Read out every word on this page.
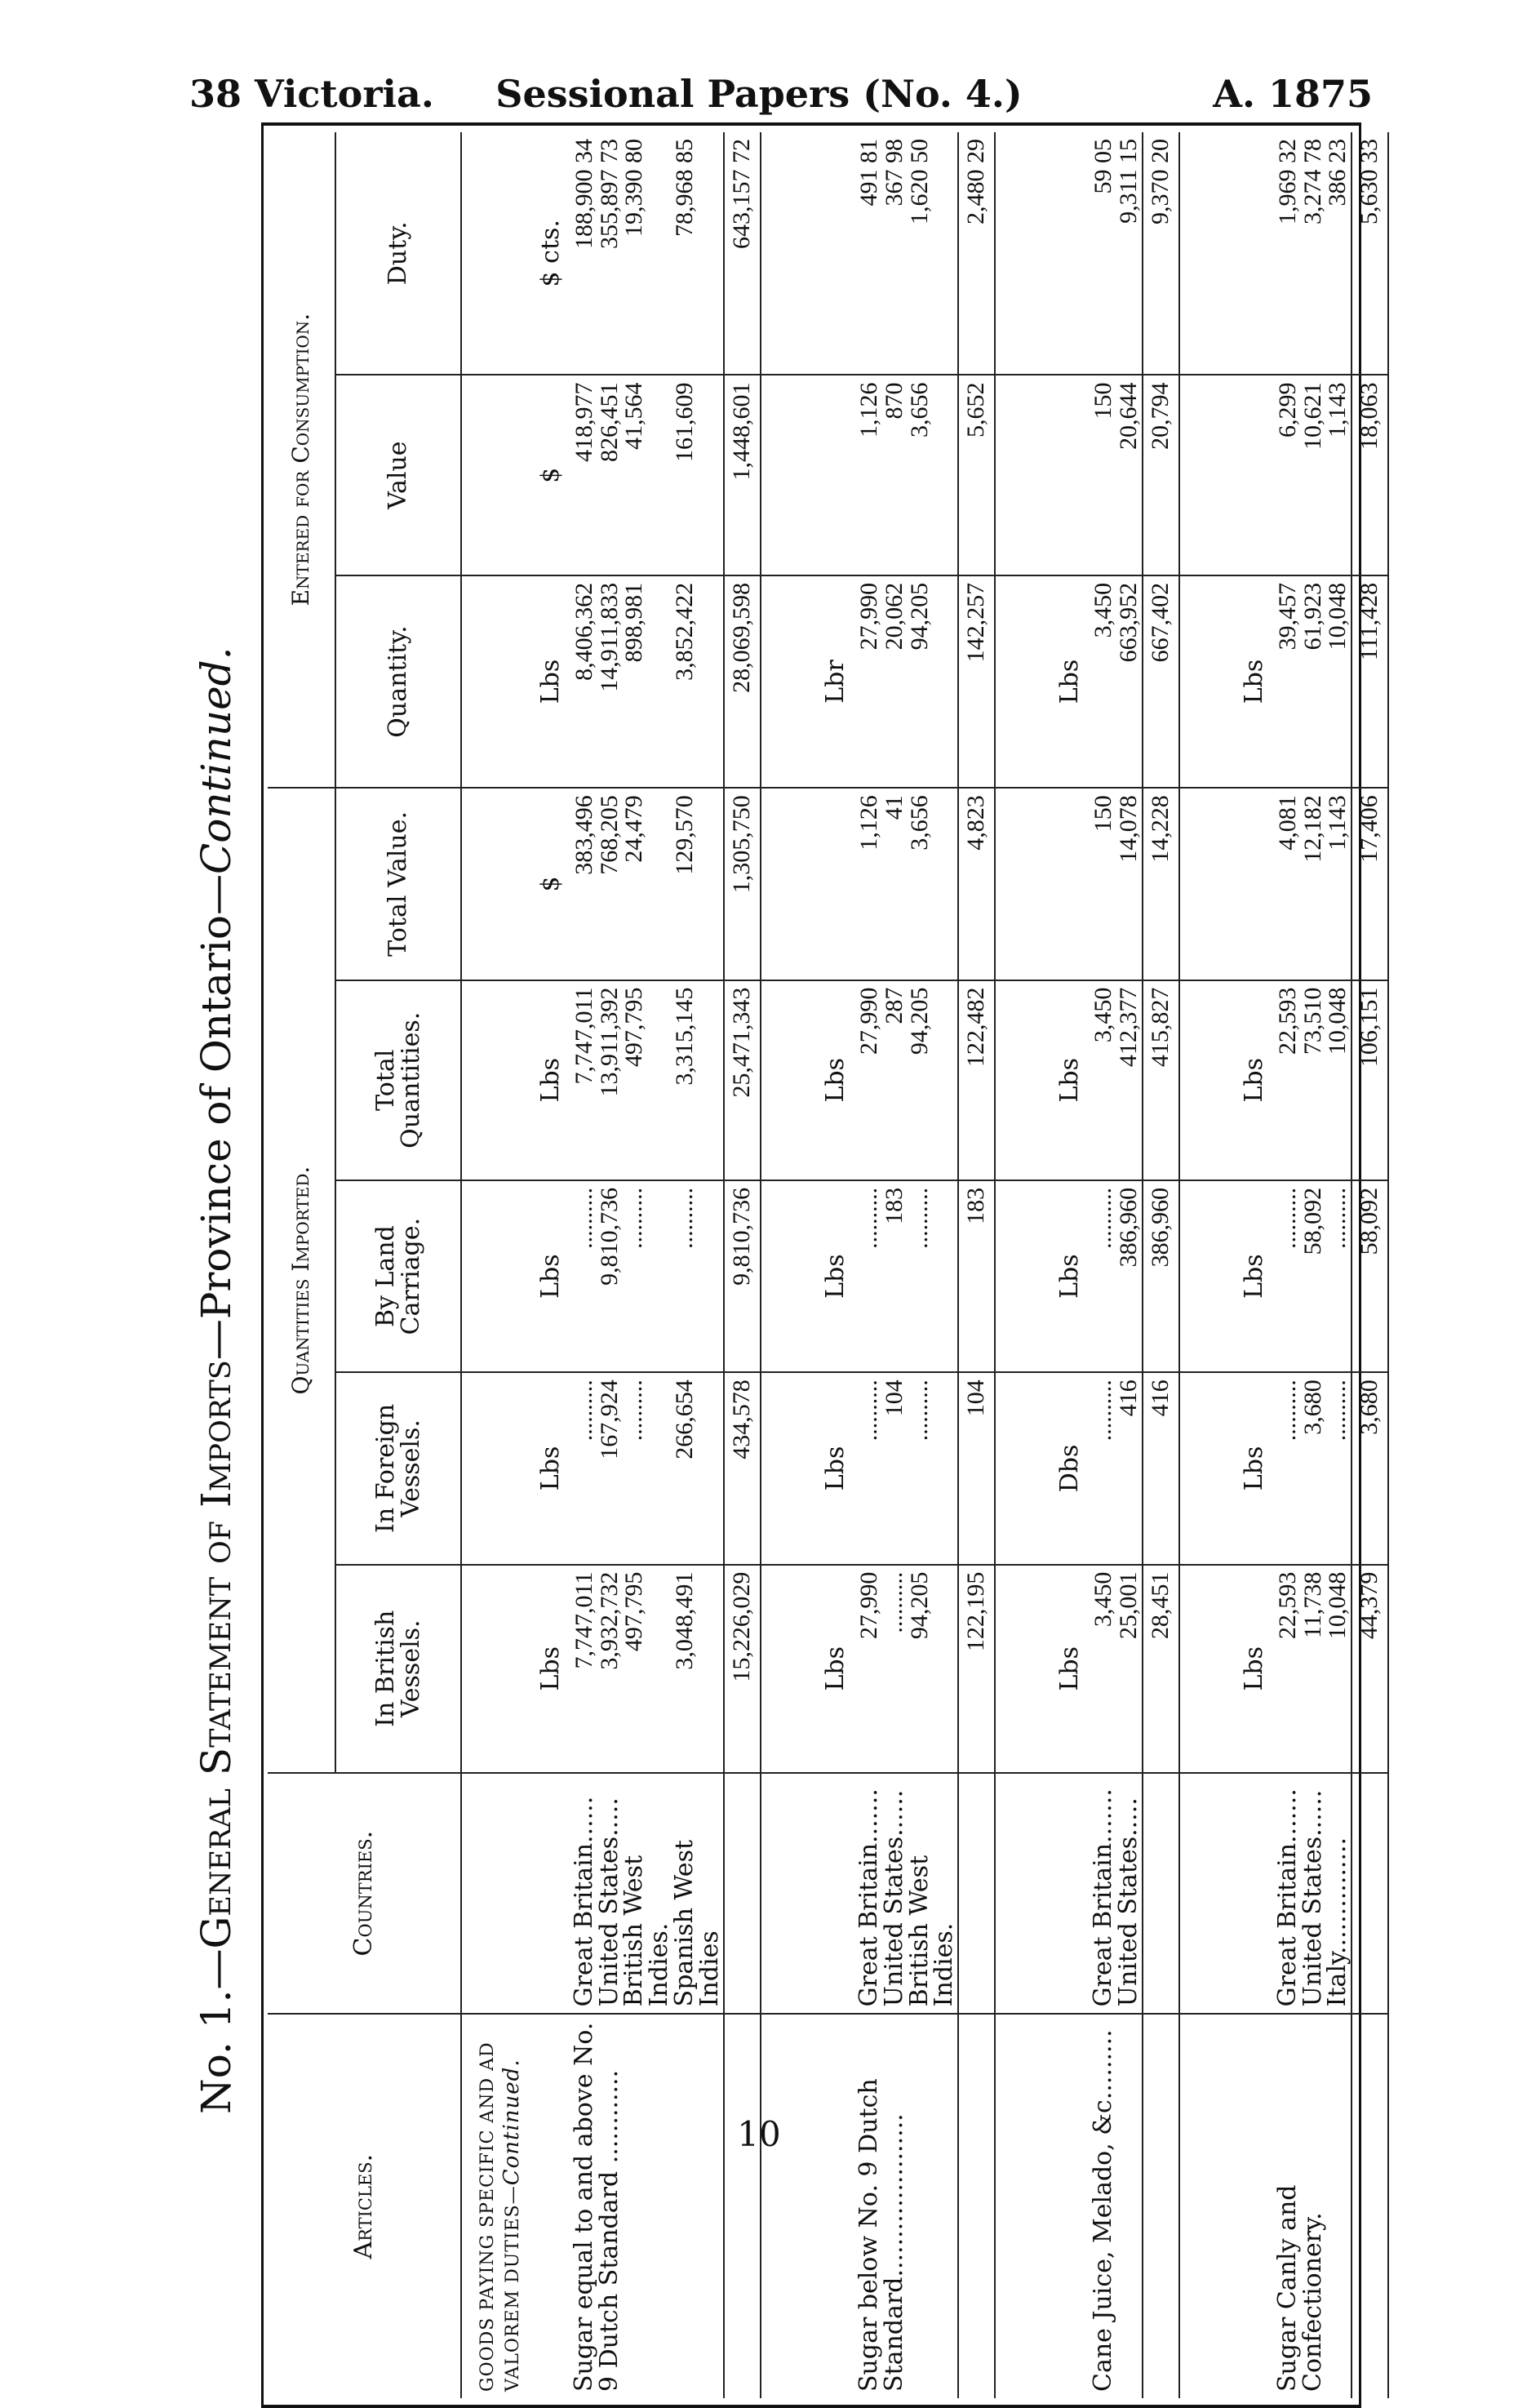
38 Victoria.	Sessional Papers (No. 4.)	A. 1875
No. 1.—General Statement of Imports—Province of Ontario—Continued.
Articles.	Countries.	Quantities Imported.					Entered for Consumption.		
		In British Vessels.	In Foreign Vessels.	By Land Carriage.	Total Quantities.	Total Value.	Quantity.	Value	Duty.
GOODS PAYING SPECIFIC AND AD VALOREM DUTIES—Continued.									
		Lbs	Lbs	Lbs	Lbs	$	Lbs	$	$ cts.
Sugar equal to and above No. 9 Dutch Standard ............	Great Britain......	7,747,011	..........	..........	7,747,011	383,496	8,406,362	418,977	188,900 34
	United States.....	3,932,732	167,924	9,810,736	13,911,392	768,205	14,911,833	826,451	355,897 73
	British West Indies.	497,795	..........	..........	497,795	24,479	898,981	41,564	19,390 80
	Spanish West Indies	3,048,491	266,654	..........	3,315,145	129,570	3,852,422	161,609	78,968 85
		15,226,029	434,578	9,810,736	25,471,343	1,305,750	28,069,598	1,448,601	643,157 72

		Lbs	Lbs	Lbs	Lbs		Lbr		
Sugar below No. 9 Dutch Standard.....................	Great Britain.......	27,990	..........	..........	27,990	1,126	27,990	1,126	491 81
	United States......	..........	104	183	287	41	20,062	870	367 98
	British West Indies.	94,205	..........	..........	94,205	3,656	94,205	3,656	1,620 50
		122,195	104	183	122,482	4,823	142,257	5,652	2,480 29

		Lbs	Dbs	Lbs	Lbs		Lbs		
Cane Juice, Melado, &c.........	Great Britain.......	3,450	..........	..........	3,450	150	3,450	150	59 05
	United States.....	25,001	416	386,960	412,377	14,078	663,952	20,644	9,311 15
		28,451	416	386,960	415,827	14,228	667,402	20,794	9,370 20

		Lbs	Lbs	Lbs	Lbs		Lbs		
Sugar Canly and Confectionery.	Great Britain.......	22,593	..........	..........	22,593	4,081	39,457	6,299	1,969 32
	United States......	11,738	3,680	58,092	73,510	12,182	61,923	10,621	3,274 78
	Italy...............	10,048	..........	..........	10,048	1,143	10,048	1,143	386 23
		44,379	3,680	58,092	106,151	17,406	111,428	18,063	5,630 33
10
